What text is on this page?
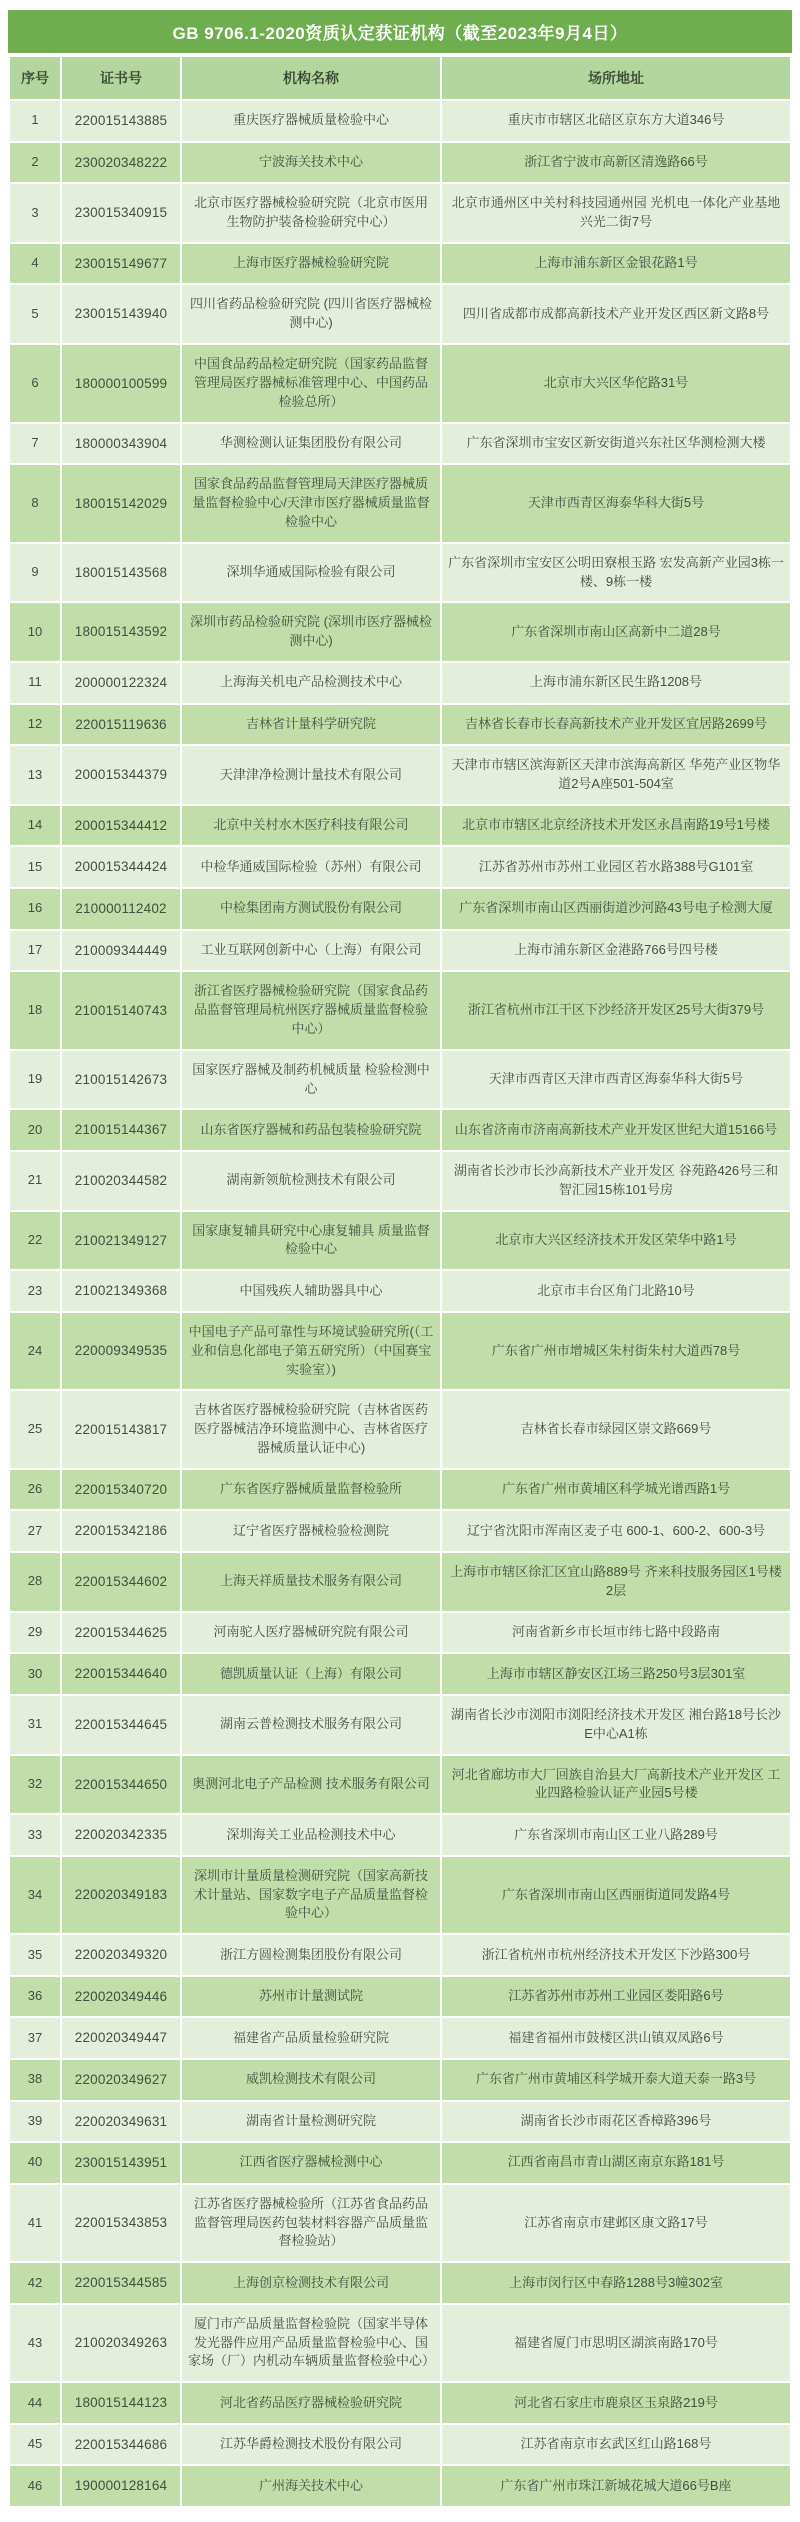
GB 9706.1-2020资质认定获证机构（截至2023年9月4日）
序号	证书号	机构名称	场所地址
1	220015143885	重庆医疗器械质量检验中心	重庆市市辖区北碚区京东方大道346号
2	230020348222	宁波海关技术中心	浙江省宁波市高新区清逸路66号
3	230015340915	北京市医疗器械检验研究院（北京市医用生物防护装备检验研究中心）	北京市通州区中关村科技园通州园 光机电一体化产业基地兴光二街7号
4	230015149677	上海市医疗器械检验研究院	上海市浦东新区金银花路1号
5	230015143940	四川省药品检验研究院 (四川省医疗器械检测中心)	四川省成都市成都高新技术产业开发区西区新文路8号
6	180000100599	中国食品药品检定研究院（国家药品监督管理局医疗器械标准管理中心、中国药品检验总所）	北京市大兴区华佗路31号
7	180000343904	华测检测认证集团股份有限公司	广东省深圳市宝安区新安街道兴东社区华测检测大楼
8	180015142029	国家食品药品监督管理局天津医疗器械质量监督检验中心/天津市医疗器械质量监督检验中心	天津市西青区海泰华科大街5号
9	180015143568	深圳华通威国际检验有限公司	广东省深圳市宝安区公明田寮根玉路 宏发高新产业园3栋一楼、9栋一楼
10	180015143592	深圳市药品检验研究院 (深圳市医疗器械检测中心)	广东省深圳市南山区高新中二道28号
11	200000122324	上海海关机电产品检测技术中心	上海市浦东新区民生路1208号
12	220015119636	吉林省计量科学研究院	吉林省长春市长春高新技术产业开发区宜居路2699号
13	200015344379	天津津净检测计量技术有限公司	天津市市辖区滨海新区天津市滨海高新区 华苑产业区物华道2号A座501-504室
14	200015344412	北京中关村水木医疗科技有限公司	北京市市辖区北京经济技术开发区永昌南路19号1号楼
15	200015344424	中检华通威国际检验（苏州）有限公司	江苏省苏州市苏州工业园区若水路388号G101室
16	210000112402	中检集团南方测试股份有限公司	广东省深圳市南山区西丽街道沙河路43号电子检测大厦
17	210009344449	工业互联网创新中心（上海）有限公司	上海市浦东新区金港路766号四号楼
18	210015140743	浙江省医疗器械检验研究院（国家食品药品监督管理局杭州医疗器械质量监督检验中心）	浙江省杭州市江干区下沙经济开发区25号大街379号
19	210015142673	国家医疗器械及制药机械质量 检验检测中心	天津市西青区天津市西青区海泰华科大街5号
20	210015144367	山东省医疗器械和药品包装检验研究院	山东省济南市济南高新技术产业开发区世纪大道15166号
21	210020344582	湖南新领航检测技术有限公司	湖南省长沙市长沙高新技术产业开发区 谷苑路426号三和智汇园15栋101号房
22	210021349127	国家康复辅具研究中心康复辅具 质量监督检验中心	北京市大兴区经济技术开发区荣华中路1号
23	210021349368	中国残疾人辅助器具中心	北京市丰台区角门北路10号
24	220009349535	中国电子产品可靠性与环境试验研究所(（工业和信息化部电子第五研究所）（中国赛宝实验室）)	广东省广州市增城区朱村街朱村大道西78号
25	220015143817	吉林省医疗器械检验研究院（吉林省医药医疗器械洁净环境监测中心、吉林省医疗器械质量认证中心)	吉林省长春市绿园区崇文路669号
26	220015340720	广东省医疗器械质量监督检验所	广东省广州市黄埔区科学城光谱西路1号
27	220015342186	辽宁省医疗器械检验检测院	辽宁省沈阳市浑南区麦子屯 600-1、600-2、600-3号
28	220015344602	上海天祥质量技术服务有限公司	上海市市辖区徐汇区宜山路889号 齐来科技服务园区1号楼2层
29	220015344625	河南驼人医疗器械研究院有限公司	河南省新乡市长垣市纬七路中段路南
30	220015344640	德凯质量认证（上海）有限公司	上海市市辖区静安区江场三路250号3层301室
31	220015344645	湖南云普检测技术服务有限公司	湖南省长沙市浏阳市浏阳经济技术开发区 湘台路18号长沙E中心A1栋
32	220015344650	奥测河北电子产品检测 技术服务有限公司	河北省廊坊市大厂回族自治县大厂高新技术产业开发区 工业四路检验认证产业园5号楼
33	220020342335	深圳海关工业品检测技术中心	广东省深圳市南山区工业八路289号
34	220020349183	深圳市计量质量检测研究院（国家高新技术计量站、国家数字电子产品质量监督检验中心）	广东省深圳市南山区西丽街道同发路4号
35	220020349320	浙江方圆检测集团股份有限公司	浙江省杭州市杭州经济技术开发区下沙路300号
36	220020349446	苏州市计量测试院	江苏省苏州市苏州工业园区娄阳路6号
37	220020349447	福建省产品质量检验研究院	福建省福州市鼓楼区洪山镇双凤路6号
38	220020349627	威凯检测技术有限公司	广东省广州市黄埔区科学城开泰大道天泰一路3号
39	220020349631	湖南省计量检测研究院	湖南省长沙市雨花区香樟路396号
40	230015143951	江西省医疗器械检测中心	江西省南昌市青山湖区南京东路181号
41	220015343853	江苏省医疗器械检验所（江苏省食品药品监督管理局医药包装材料容器产品质量监督检验站）	江苏省南京市建邺区康文路17号
42	220015344585	上海创京检测技术有限公司	上海市闵行区中春路1288号3幢302室
43	210020349263	厦门市产品质量监督检验院（国家半导体发光器件应用产品质量监督检验中心、国家场（厂）内机动车辆质量监督检验中心）	福建省厦门市思明区湖滨南路170号
44	180015144123	河北省药品医疗器械检验研究院	河北省石家庄市鹿泉区玉泉路219号
45	220015344686	江苏华爵检测技术股份有限公司	江苏省南京市玄武区红山路168号
46	190000128164	广州海关技术中心	广东省广州市珠江新城花城大道66号B座
